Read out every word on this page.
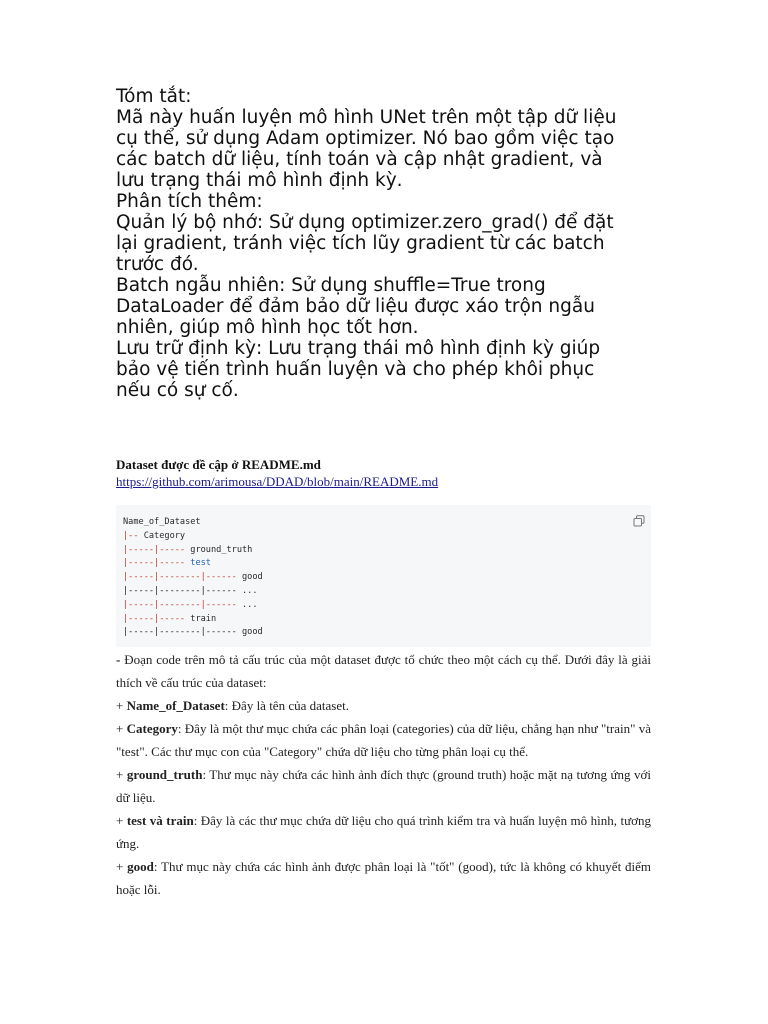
Tóm tắt:

Mã này huấn luyện mô hình UNet trên một tập dữ liệu

cụ thể, sử dụng Adam optimizer. Nó bao gồm việc tạo

các batch dữ liệu, tính toán và cập nhật gradient, và

lưu trạng thái mô hình định kỳ.

Phân tích thêm:

Quản lý bộ nhớ: Sử dụng optimizer.zero_grad() để đặt

lại gradient, tránh việc tích lũy gradient từ các batch

trước đó.

Batch ngẫu nhiên: Sử dụng shuffle=True trong

DataLoader để đảm bảo dữ liệu được xáo trộn ngẫu

nhiên, giúp mô hình học tốt hơn.

Lưu trữ định kỳ: Lưu trạng thái mô hình định kỳ giúp

bảo vệ tiến trình huấn luyện và cho phép khôi phục

nếu có sự cố.

Dataset được đề cập ở README.md

https://github.com/arimousa/DDAD/blob/main/README.md
Name_of_Dataset
|-- Category
|-----|----- ground_truth
|-----|----- test
|-----|--------|------ good
|-----|--------|------ ...
|-----|--------|------ ...
|-----|----- train
|-----|--------|------ good

- Đoạn code trên mô tả cấu trúc của một dataset được tổ chức theo một cách cụ thể. Dưới đây là giải thích về cấu trúc của dataset:

+ Name_of_Dataset: Đây là tên của dataset.

+ Category: Đây là một thư mục chứa các phân loại (categories) của dữ liệu, chẳng hạn như "train" và "test". Các thư mục con của "Category" chứa dữ liệu cho từng phân loại cụ thể.

+ ground_truth: Thư mục này chứa các hình ảnh đích thực (ground truth) hoặc mặt nạ tương ứng với dữ liệu.

+ test và train: Đây là các thư mục chứa dữ liệu cho quá trình kiểm tra và huấn luyện mô hình, tương ứng.

+ good: Thư mục này chứa các hình ảnh được phân loại là "tốt" (good), tức là không có khuyết điểm hoặc lỗi.
